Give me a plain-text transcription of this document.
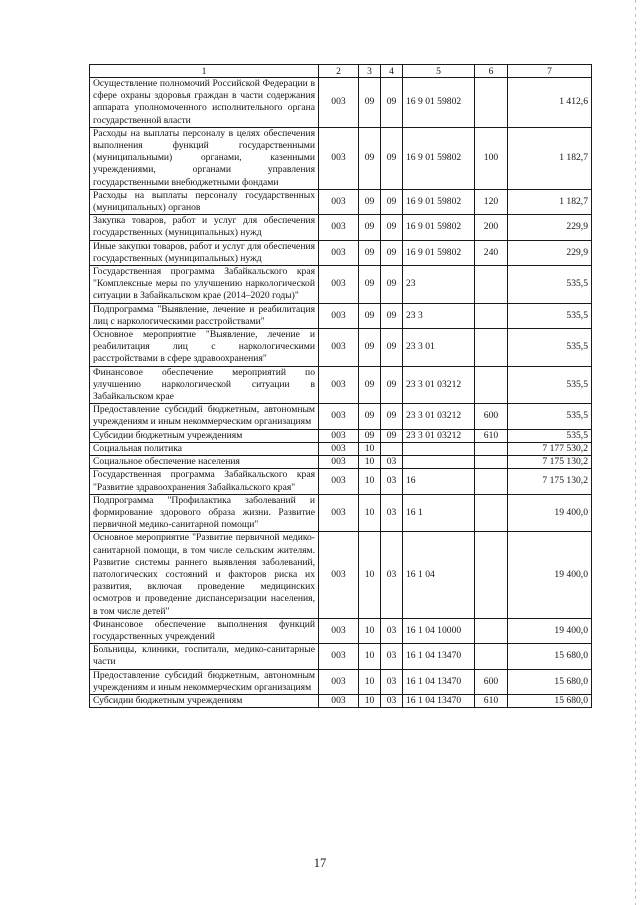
1	2	3	4	5	6	7
Осуществление полномочий Российской Федерации в сфере охраны здоровья граждан в части содержания аппарата уполномоченного исполнительного органа государственной власти	003	09	09	16 9 01 59802		1 412,6
Расходы на выплаты персоналу в целях обеспечения выполнения функций государственными (муниципальными) органами, казенными учреждениями, органами управления государственными внебюджетными фондами	003	09	09	16 9 01 59802	100	1 182,7
Расходы на выплаты персоналу государственных (муниципальных) органов	003	09	09	16 9 01 59802	120	1 182,7
Закупка товаров, работ и услуг для обеспечения государственных (муниципальных) нужд	003	09	09	16 9 01 59802	200	229,9
Иные закупки товаров, работ и услуг для обеспечения государственных (муниципальных) нужд	003	09	09	16 9 01 59802	240	229,9
Государственная программа Забайкальского края "Комплексные меры по улучшению наркологической ситуации в Забайкальском крае (2014–2020 годы)"	003	09	09	23		535,5
Подпрограмма "Выявление, лечение и реабилитация лиц с наркологическими расстройствами"	003	09	09	23 3		535,5
Основное мероприятие "Выявление, лечение и реабилитация лиц с наркологическими расстройствами в сфере здравоохранения"	003	09	09	23 3 01		535,5
Финансовое обеспечение мероприятий по улучшению наркологической ситуации в Забайкальском крае	003	09	09	23 3 01 03212		535,5
Предоставление субсидий бюджетным, автономным учреждениям и иным некоммерческим организациям	003	09	09	23 3 01 03212	600	535,5
Субсидии бюджетным учреждениям	003	09	09	23 3 01 03212	610	535,5
Социальная политика	003	10				7 177 530,2
Социальное обеспечение населения	003	10	03			7 175 130,2
Государственная программа Забайкальского края "Развитие здравоохранения Забайкальского края"	003	10	03	16		7 175 130,2
Подпрограмма "Профилактика заболеваний и формирование здорового образа жизни. Развитие первичной медико-санитарной помощи"	003	10	03	16 1		19 400,0
Основное мероприятие "Развитие первичной медико-санитарной помощи, в том числе сельским жителям. Развитие системы раннего выявления заболеваний, патологических состояний и факторов риска их развития, включая проведение медицинских осмотров и проведение диспансеризации населения, в том числе детей"	003	10	03	16 1 04		19 400,0
Финансовое обеспечение выполнения функций государственных учреждений	003	10	03	16 1 04 10000		19 400,0
Больницы, клиники, госпитали, медико-санитарные части	003	10	03	16 1 04 13470		15 680,0
Предоставление субсидий бюджетным, автономным учреждениям и иным некоммерческим организациям	003	10	03	16 1 04 13470	600	15 680,0
Субсидии бюджетным учреждениям	003	10	03	16 1 04 13470	610	15 680,0
17
